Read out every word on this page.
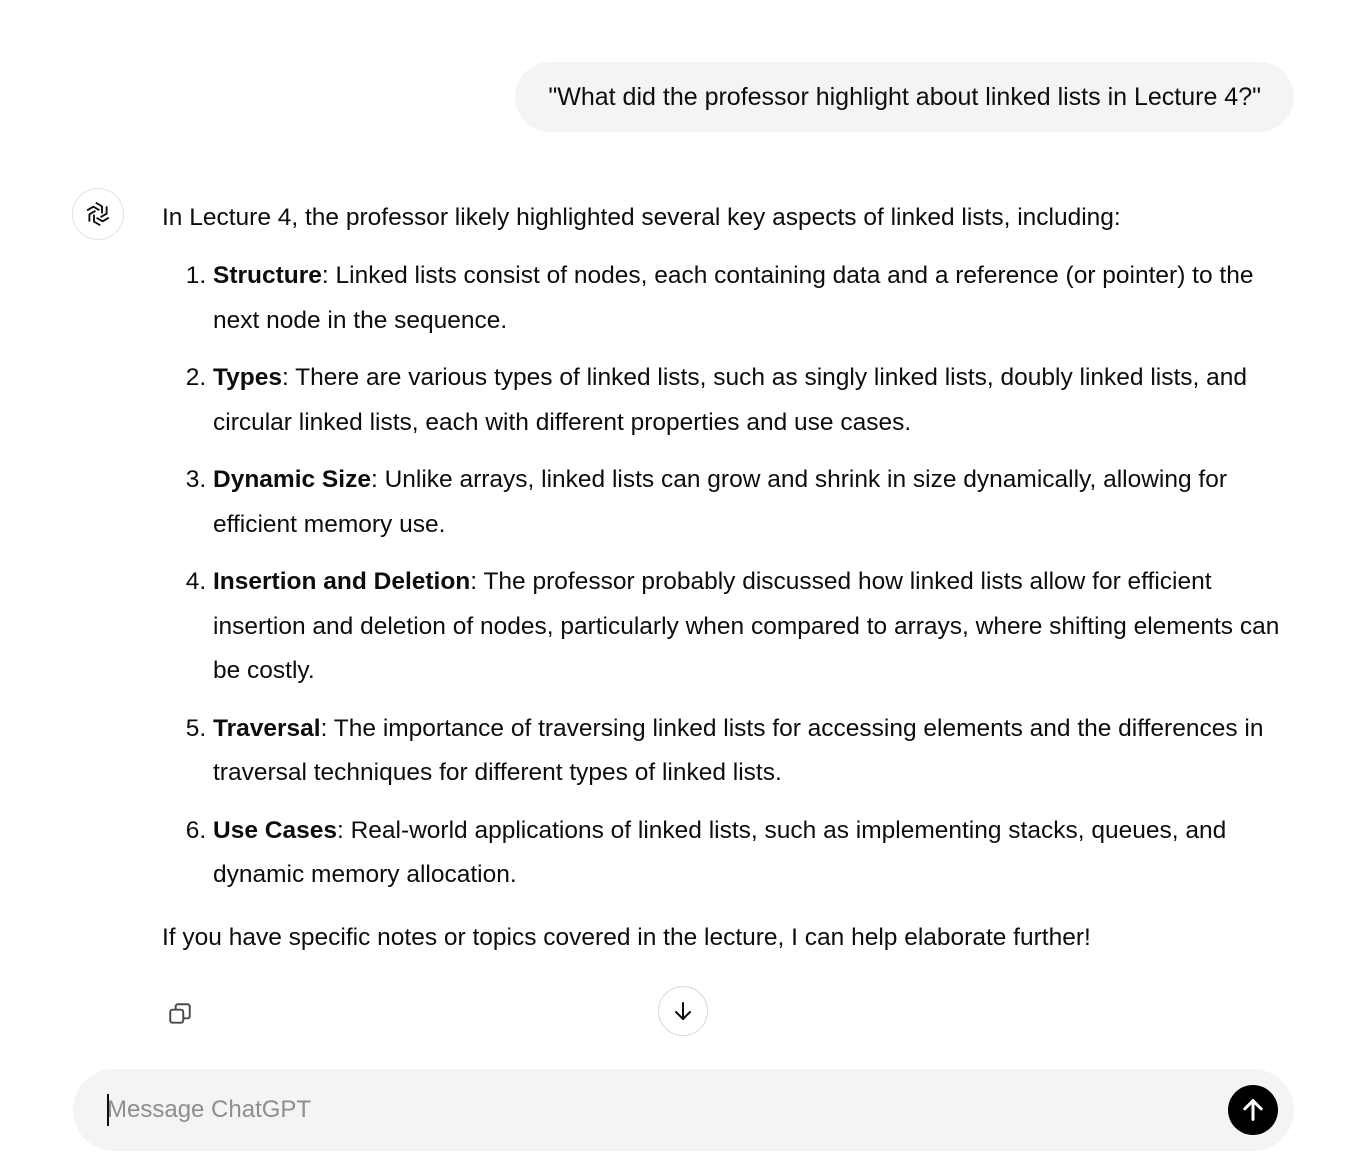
"What did the professor highlight about linked lists in Lecture 4?"

In Lecture 4, the professor likely highlighted several key aspects of linked lists, including:

1. Structure: Linked lists consist of nodes, each containing data and a reference (or pointer) to the next node in the sequence.
2. Types: There are various types of linked lists, such as singly linked lists, doubly linked lists, and circular linked lists, each with different properties and use cases.
3. Dynamic Size: Unlike arrays, linked lists can grow and shrink in size dynamically, allowing for efficient memory use.
4. Insertion and Deletion: The professor probably discussed how linked lists allow for efficient insertion and deletion of nodes, particularly when compared to arrays, where shifting elements can be costly.
5. Traversal: The importance of traversing linked lists for accessing elements and the differences in traversal techniques for different types of linked lists.
6. Use Cases: Real-world applications of linked lists, such as implementing stacks, queues, and dynamic memory allocation.

If you have specific notes or topics covered in the lecture, I can help elaborate further!

Message ChatGPT
